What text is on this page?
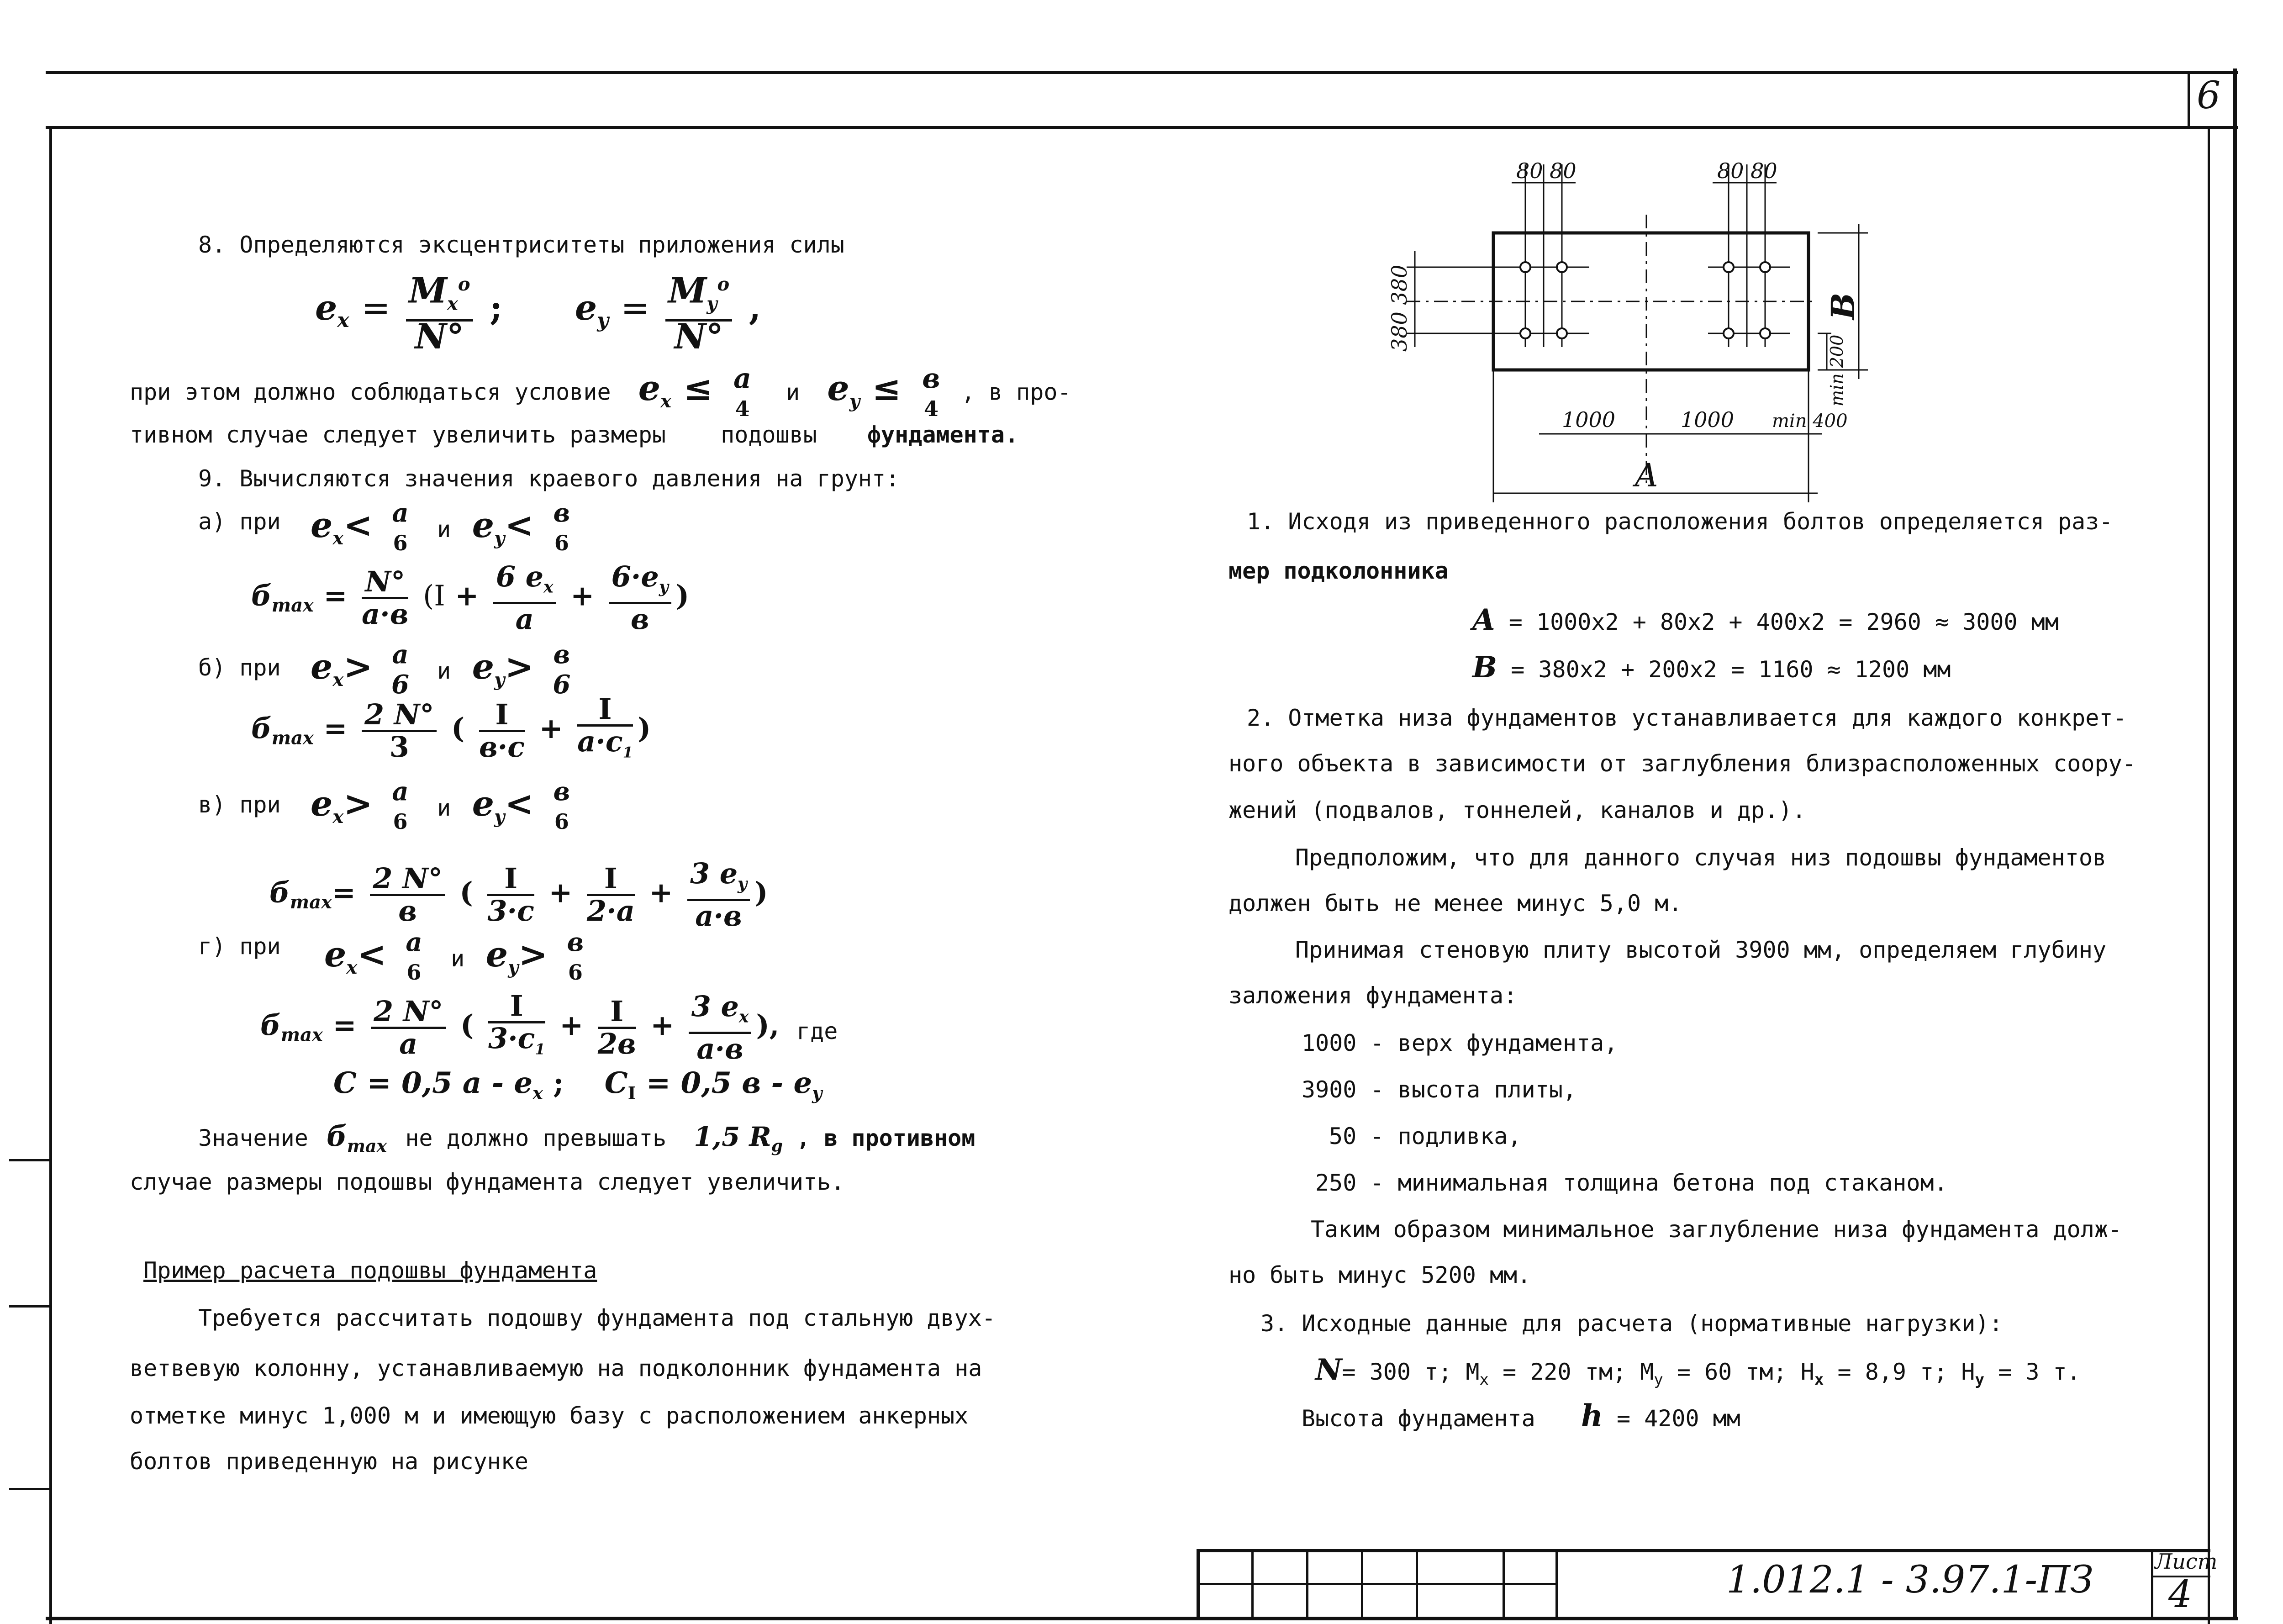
6
8. Определяются эксцентриситеты приложения силы
$e_x = \frac{M_x^o}{N^\circ}$ ;      $e_y = \frac{M_y^o}{N^\circ}$ ,
при этом должно соблюдаться условие $e_x \le a$
4
и $e_y \le в$
4
, в про-
тивном случае следует увеличить размеры подошвы фундамента.
9. Вычисляются значения краевого давления на грунт:
а) при $e_x< a$
6
и $e_y< в$
6
$б_{max} = \frac{N^\circ}{a\cdot в} (I + \frac{6 e_x}{a} + \frac{6\cdot e_y}{в}$ )
б) при $e_x> a$
6 и $e_y> в$
6
$б_{max} = \frac{2 N^\circ}{3}$ ( $\frac{I}{в\cdot c} + \frac{I}{a\cdot c_1}$ )
в) при $e_x> a$
6
и $e_y< в$
6
$б_{max}= \frac{2 N^\circ}{в}$ ( $\frac{I}{3\cdot c} + \frac{I}{2\cdot a} + \frac{3 e_y}{a\cdot в}$ )
г) при $e_x< a$
6
и $e_y> в$
6
$б_{max} = \frac{2 N^\circ}{a}$ ( $\frac{I}{3\cdot c_1} + \frac{I}{2в} + \frac{3 e_x}{a\cdot в}$ ), где
C = 0,5 a - $e_x$ ;    $C_I = 0,5$ в - $e_y$
Значение $б_{max}$ не должно превышать 1,5 $R_g$ , в противном
случае размеры подошвы фундамента следует увеличить.
Пример расчета подошвы фундамента
Требуется рассчитать подошву фундамента под стальную двух-
ветвевую колонну, устанавливаемую на подколонник фундамента на
отметке минус 1,000 м и имеющую базу с расположением анкерных
болтов приведенную на рисунке
80 80	80 80
380 380	В
min 200
1000	1000 min 400
A
1. Исходя из приведенного расположения болтов определяется раз-
мер подколонника
A = 1000x2 + 80x2 + 400x2 = 2960 ≈ 3000 мм
В = 380x2 + 200x2 = 1160 ≈ 1200 мм
2. Отметка низа фундаментов устанавливается для каждого конкрет-
ного объекта в зависимости от заглубления близрасположенных соору-
жений (подвалов, тоннелей, каналов и др.).
Предположим, что для данного случая низ подошвы фундаментов
должен быть не менее минус 5,0 м.
Принимая стеновую плиту высотой 3900 мм, определяем глубину
заложения фундамента:
1000 - верх фундамента,
3900 - высота плиты,
50 - подливка,
250 - минимальная толщина бетона под стаканом.
Таким образом минимальное заглубление низа фундамента долж-
но быть минус 5200 мм.
3. Исходные данные для расчета (нормативные нагрузки):
N= 300 т; $M_x = 220$ тм; $M_y = 60$ тм; $H_x = 8,9$ т; $H_y = 3$ т.
Высота фундамента h = 4200 мм
1.012.1 - 3.97.1-ПЗ	Лист
4
